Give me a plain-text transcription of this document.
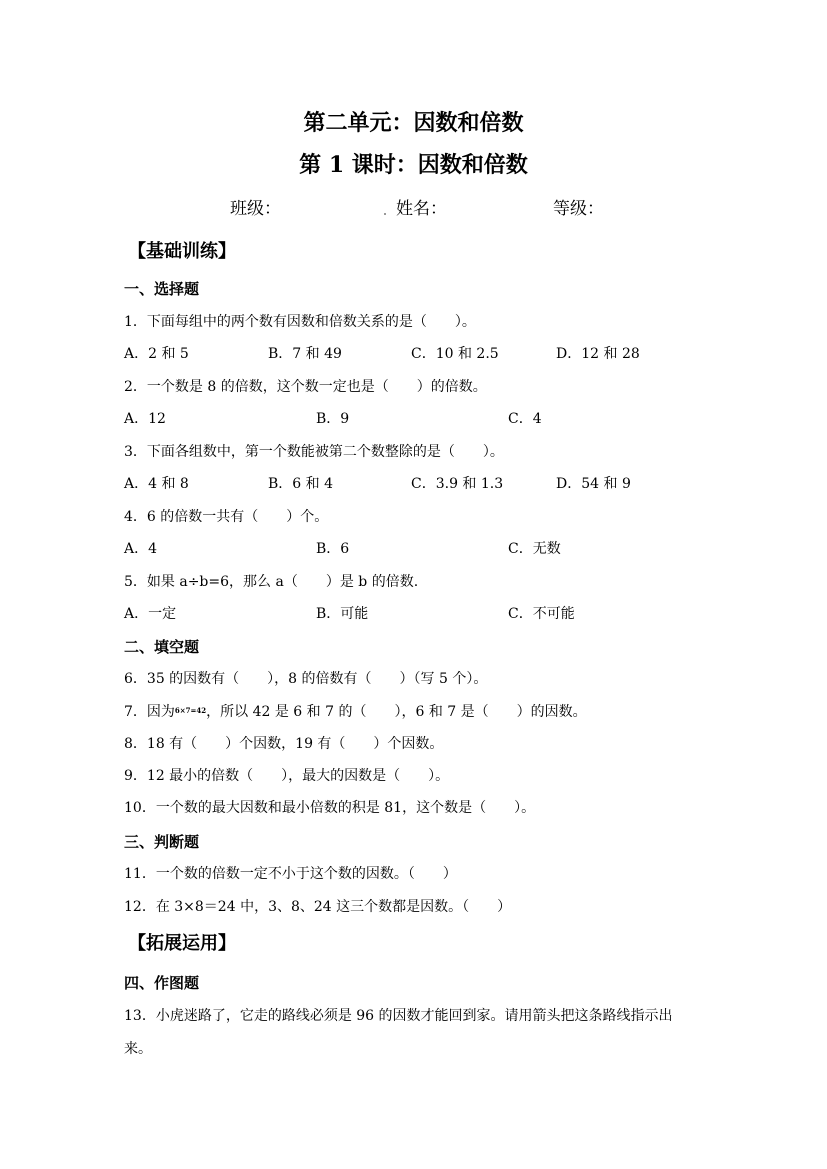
第二单元：因数和倍数
第 1 课时：因数和倍数
班级：	姓名：	等级：
【基础训练】
一、选择题
1．下面每组中的两个数有因数和倍数关系的是（　　）。
A．2 和 5	B．7 和 49	C．10 和 2.5	D．12 和 28
2．一个数是 8 的倍数，这个数一定也是（　　）的倍数。
A．12	B．9	C．4
3．下面各组数中，第一个数能被第二个数整除的是（　　）。
A．4 和 8	B．6 和 4	C．3.9 和 1.3	D．54 和 9
4．6 的倍数一共有（　　）个。
A．4	B．6	C．无数
5．如果 a÷b=6，那么 a（　　）是 b 的倍数.
A．一定	B．可能	C．不可能
二、填空题
6．35 的因数有（　　），8 的倍数有（　　）（写 5 个）。
7．因为$^{6\times 7=42}$，所以 42 是 6 和 7 的（　　），6 和 7 是（　　）的因数。
8．18 有（　　）个因数，19 有（　　）个因数。
9．12 最小的倍数（　　），最大的因数是（　　）。
10．一个数的最大因数和最小倍数的积是 81，这个数是（　　）。
三、判断题
11．一个数的倍数一定不小于这个数的因数。（　　）
12．在 3×8＝24 中，3、8、24 这三个数都是因数。（　　）
【拓展运用】
四、作图题
13．小虎迷路了，它走的路线必须是 96 的因数才能回到家。请用箭头把这条路线指示出
来。
